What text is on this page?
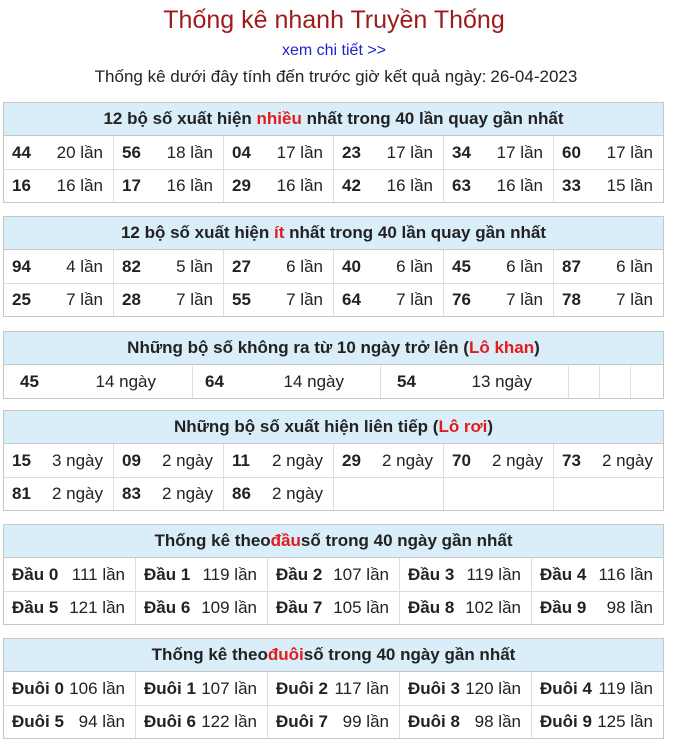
Thống kê nhanh Truyền Thống
xem chi tiết >>
Thống kê dưới đây tính đến trước giờ kết quả ngày: 26-04-2023
12 bộ số xuất hiện
nhiều
nhất trong 40 lần quay gần nhất
44 20 lần 56 18 lần 04 17 lần 23 17 lần 34 17 lần 60 17 lần
16 16 lần 17 16 lần 29 16 lần 42 16 lần 63 16 lần 33 15 lần
12 bộ số xuất hiện
ít
nhất trong 40 lần quay gần nhất
94 4 lần 82 5 lần 27 6 lần 40 6 lần 45 6 lần 87 6 lần
25 7 lần 28 7 lần 55 7 lần 64 7 lần 76 7 lần 78 7 lần
Những bộ số không ra từ 10 ngày trở lên ( Lô khan )
45	14 ngày	64	14 ngày	54	13 ngày
Những bộ số xuất hiện liên tiếp ( Lô rơi )
15 3 ngày 09 2 ngày 11 2 ngày 29 2 ngày 70 2 ngày 73 2 ngày
81 2 ngày 83 2 ngày 86 2 ngày
Thống kê theo đầu số trong 40 ngày gần nhất
Đầu 0 111 lần Đầu 1 119 lần Đầu 2 107 lần Đầu 3 119 lần Đầu 4 116 lần
Đầu 5 121 lần Đầu 6 109 lần Đầu 7 105 lần Đầu 8 102 lần Đầu 9 98 lần
Thống kê theo đuôi số trong 40 ngày gần nhất
Đuôi 0 106 lần Đuôi 1 107 lần Đuôi 2 117 lần Đuôi 3 120 lần Đuôi 4 119 lần
Đuôi 5 94 lần Đuôi 6 122 lần Đuôi 7 99 lần Đuôi 8 98 lần Đuôi 9 125 lần
